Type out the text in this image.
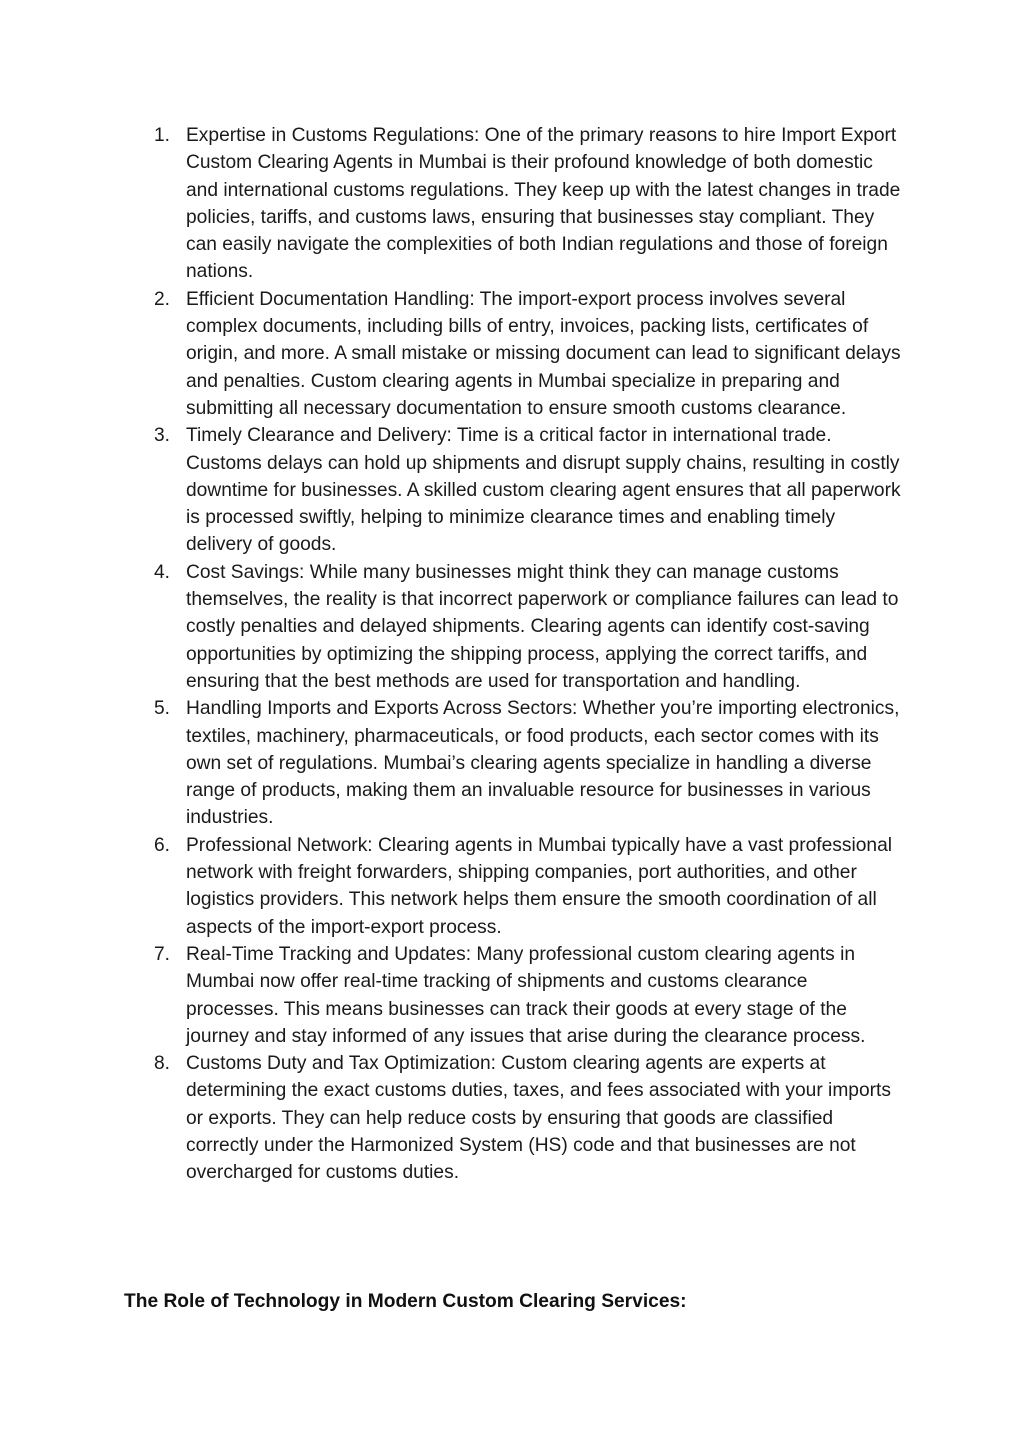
1. Expertise in Customs Regulations: One of the primary reasons to hire Import Export Custom Clearing Agents in Mumbai is their profound knowledge of both domestic and international customs regulations. They keep up with the latest changes in trade policies, tariffs, and customs laws, ensuring that businesses stay compliant. They can easily navigate the complexities of both Indian regulations and those of foreign nations.
2. Efficient Documentation Handling: The import-export process involves several complex documents, including bills of entry, invoices, packing lists, certificates of origin, and more. A small mistake or missing document can lead to significant delays and penalties. Custom clearing agents in Mumbai specialize in preparing and submitting all necessary documentation to ensure smooth customs clearance.
3. Timely Clearance and Delivery: Time is a critical factor in international trade. Customs delays can hold up shipments and disrupt supply chains, resulting in costly downtime for businesses. A skilled custom clearing agent ensures that all paperwork is processed swiftly, helping to minimize clearance times and enabling timely delivery of goods.
4. Cost Savings: While many businesses might think they can manage customs themselves, the reality is that incorrect paperwork or compliance failures can lead to costly penalties and delayed shipments. Clearing agents can identify cost-saving opportunities by optimizing the shipping process, applying the correct tariffs, and ensuring that the best methods are used for transportation and handling.
5. Handling Imports and Exports Across Sectors: Whether you’re importing electronics, textiles, machinery, pharmaceuticals, or food products, each sector comes with its own set of regulations. Mumbai’s clearing agents specialize in handling a diverse range of products, making them an invaluable resource for businesses in various industries.
6. Professional Network: Clearing agents in Mumbai typically have a vast professional network with freight forwarders, shipping companies, port authorities, and other logistics providers. This network helps them ensure the smooth coordination of all aspects of the import-export process.
7. Real-Time Tracking and Updates: Many professional custom clearing agents in Mumbai now offer real-time tracking of shipments and customs clearance processes. This means businesses can track their goods at every stage of the journey and stay informed of any issues that arise during the clearance process.
8. Customs Duty and Tax Optimization: Custom clearing agents are experts at determining the exact customs duties, taxes, and fees associated with your imports or exports. They can help reduce costs by ensuring that goods are classified correctly under the Harmonized System (HS) code and that businesses are not overcharged for customs duties.
The Role of Technology in Modern Custom Clearing Services:
